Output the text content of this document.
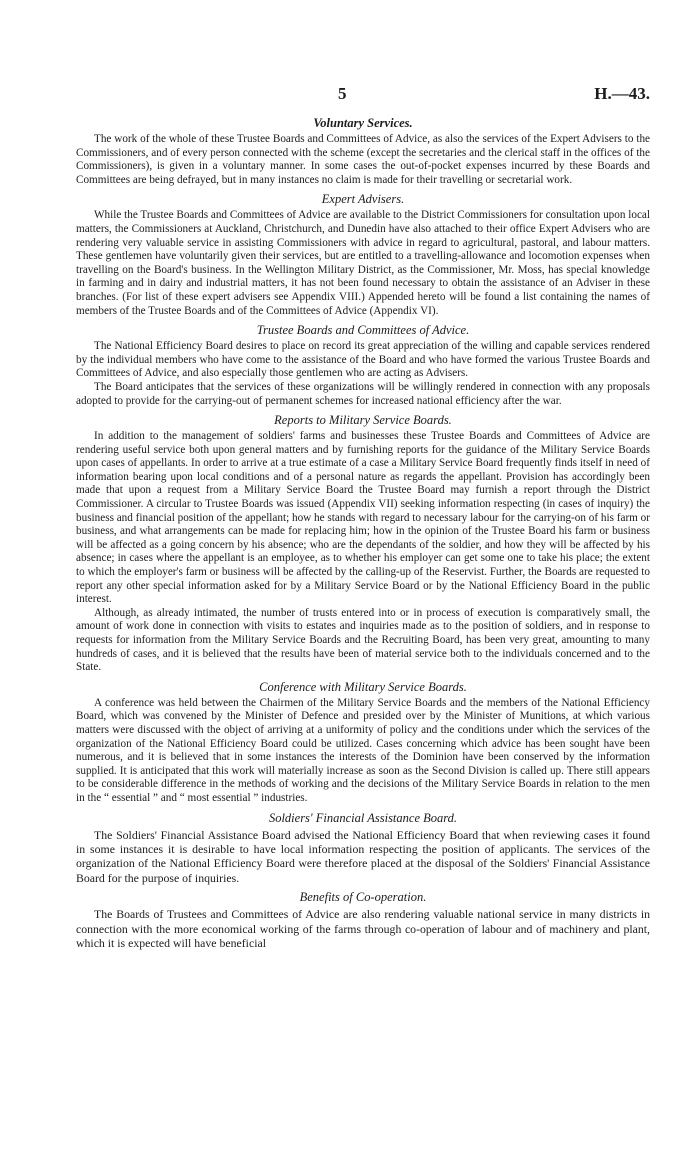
5	H.—43.
Voluntary Services.

The work of the whole of these Trustee Boards and Committees of Advice, as also the services of the Expert Advisers to the Commissioners, and of every person connected with the scheme (except the secretaries and the clerical staff in the offices of the Commissioners), is given in a voluntary manner. In some cases the out-of-pocket expenses incurred by these Boards and Committees are being defrayed, but in many instances no claim is made for their travelling or secretarial work.

Expert Advisers.

While the Trustee Boards and Committees of Advice are available to the District Commissioners for consultation upon local matters, the Commissioners at Auckland, Christchurch, and Dunedin have also attached to their office Expert Advisers who are rendering very valuable service in assisting Commissioners with advice in regard to agricultural, pastoral, and labour matters. These gentlemen have voluntarily given their services, but are entitled to a travelling-allowance and locomotion expenses when travelling on the Board's business. In the Wellington Military District, as the Commissioner, Mr. Moss, has special knowledge in farming and in dairy and industrial matters, it has not been found necessary to obtain the assistance of an Adviser in these branches. (For list of these expert advisers see Appendix VIII.) Appended hereto will be found a list containing the names of members of the Trustee Boards and of the Committees of Advice (Appendix VI).

Trustee Boards and Committees of Advice.

The National Efficiency Board desires to place on record its great appreciation of the willing and capable services rendered by the individual members who have come to the assistance of the Board and who have formed the various Trustee Boards and Committees of Advice, and also especially those gentlemen who are acting as Advisers.

The Board anticipates that the services of these organizations will be willingly rendered in connection with any proposals adopted to provide for the carrying-out of permanent schemes for increased national efficiency after the war.

Reports to Military Service Boards.

In addition to the management of soldiers' farms and businesses these Trustee Boards and Committees of Advice are rendering useful service both upon general matters and by furnishing reports for the guidance of the Military Service Boards upon cases of appellants. In order to arrive at a true estimate of a case a Military Service Board frequently finds itself in need of information bearing upon local conditions and of a personal nature as regards the appellant. Provision has accordingly been made that upon a request from a Military Service Board the Trustee Board may furnish a report through the District Commissioner. A circular to Trustee Boards was issued (Appendix VII) seeking information respecting (in cases of inquiry) the business and financial position of the appellant; how he stands with regard to necessary labour for the carrying-on of his farm or business, and what arrangements can be made for replacing him; how in the opinion of the Trustee Board his farm or business will be affected as a going concern by his absence; who are the dependants of the soldier, and how they will be affected by his absence; in cases where the appellant is an employee, as to whether his employer can get some one to take his place; the extent to which the employer's farm or business will be affected by the calling-up of the Reservist. Further, the Boards are requested to report any other special information asked for by a Military Service Board or by the National Efficiency Board in the public interest.

Although, as already intimated, the number of trusts entered into or in process of execution is comparatively small, the amount of work done in connection with visits to estates and inquiries made as to the position of soldiers, and in response to requests for information from the Military Service Boards and the Recruiting Board, has been very great, amounting to many hundreds of cases, and it is believed that the results have been of material service both to the individuals concerned and to the State.

Conference with Military Service Boards.

A conference was held between the Chairmen of the Military Service Boards and the members of the National Efficiency Board, which was convened by the Minister of Defence and presided over by the Minister of Munitions, at which various matters were discussed with the object of arriving at a uniformity of policy and the conditions under which the services of the organization of the National Efficiency Board could be utilized. Cases concerning which advice has been sought have been numerous, and it is believed that in some instances the interests of the Dominion have been conserved by the information supplied. It is anticipated that this work will materially increase as soon as the Second Division is called up. There still appears to be considerable difference in the methods of working and the decisions of the Military Service Boards in relation to the men in the “ essential ” and “ most essential ” industries.

Soldiers' Financial Assistance Board.

The Soldiers' Financial Assistance Board advised the National Efficiency Board that when reviewing cases it found in some instances it is desirable to have local information respecting the position of applicants. The services of the organization of the National Efficiency Board were therefore placed at the disposal of the Soldiers' Financial Assistance Board for the purpose of inquiries.

Benefits of Co-operation.

The Boards of Trustees and Committees of Advice are also rendering valuable national service in many districts in connection with the more economical working of the farms through co-operation of labour and of machinery and plant, which it is expected will have beneficial
